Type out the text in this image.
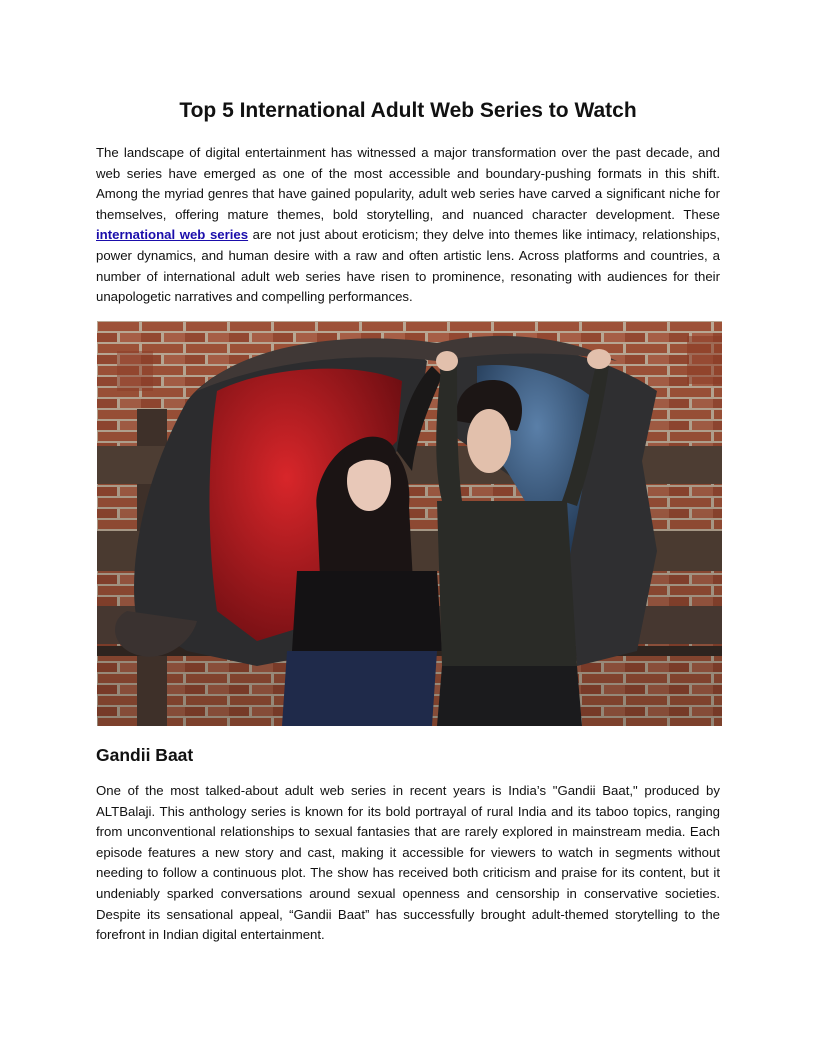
Top 5 International Adult Web Series to Watch

The landscape of digital entertainment has witnessed a major transformation over the past decade, and web series have emerged as one of the most accessible and boundary-pushing formats in this shift. Among the myriad genres that have gained popularity, adult web series have carved a significant niche for themselves, offering mature themes, bold storytelling, and nuanced character development. These international web series are not just about eroticism; they delve into themes like intimacy, relationships, power dynamics, and human desire with a raw and often artistic lens. Across platforms and countries, a number of international adult web series have risen to prominence, resonating with audiences for their unapologetic narratives and compelling performances.

Gandii Baat

One of the most talked-about adult web series in recent years is India’s "Gandii Baat," produced by ALTBalaji. This anthology series is known for its bold portrayal of rural India and its taboo topics, ranging from unconventional relationships to sexual fantasies that are rarely explored in mainstream media. Each episode features a new story and cast, making it accessible for viewers to watch in segments without needing to follow a continuous plot. The show has received both criticism and praise for its content, but it undeniably sparked conversations around sexual openness and censorship in conservative societies. Despite its sensational appeal, “Gandii Baat” has successfully brought adult-themed storytelling to the forefront in Indian digital entertainment.
